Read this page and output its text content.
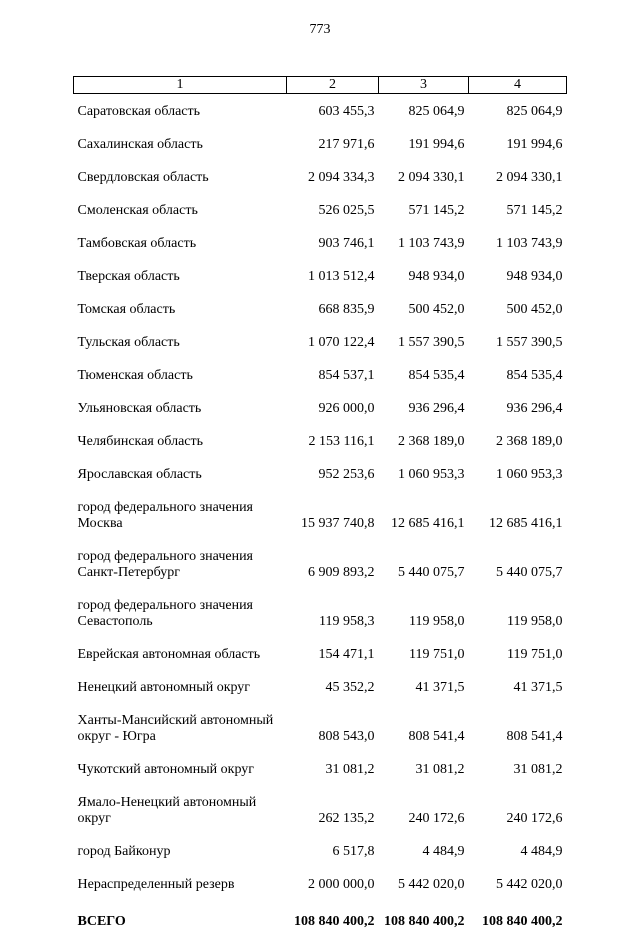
773
1	2	3	4
Саратовская область	603 455,3	825 064,9	825 064,9
Сахалинская область	217 971,6	191 994,6	191 994,6
Свердловская область	2 094 334,3	2 094 330,1	2 094 330,1
Смоленская область	526 025,5	571 145,2	571 145,2
Тамбовская область	903 746,1	1 103 743,9	1 103 743,9
Тверская область	1 013 512,4	948 934,0	948 934,0
Томская область	668 835,9	500 452,0	500 452,0
Тульская область	1 070 122,4	1 557 390,5	1 557 390,5
Тюменская область	854 537,1	854 535,4	854 535,4
Ульяновская область	926 000,0	936 296,4	936 296,4
Челябинская область	2 153 116,1	2 368 189,0	2 368 189,0
Ярославская область	952 253,6	1 060 953,3	1 060 953,3
город федерального значения Москва	15 937 740,8	12 685 416,1	12 685 416,1
город федерального значения Санкт-Петербург	6 909 893,2	5 440 075,7	5 440 075,7
город федерального значения Севастополь	119 958,3	119 958,0	119 958,0
Еврейская автономная область	154 471,1	119 751,0	119 751,0
Ненецкий автономный округ	45 352,2	41 371,5	41 371,5
Ханты-Мансийский автономный округ - Югра	808 543,0	808 541,4	808 541,4
Чукотский автономный округ	31 081,2	31 081,2	31 081,2
Ямало-Ненецкий автономный округ	262 135,2	240 172,6	240 172,6
город Байконур	6 517,8	4 484,9	4 484,9
Нераспределенный резерв	2 000 000,0	5 442 020,0	5 442 020,0
ВСЕГО	108 840 400,2	108 840 400,2	108 840 400,2
